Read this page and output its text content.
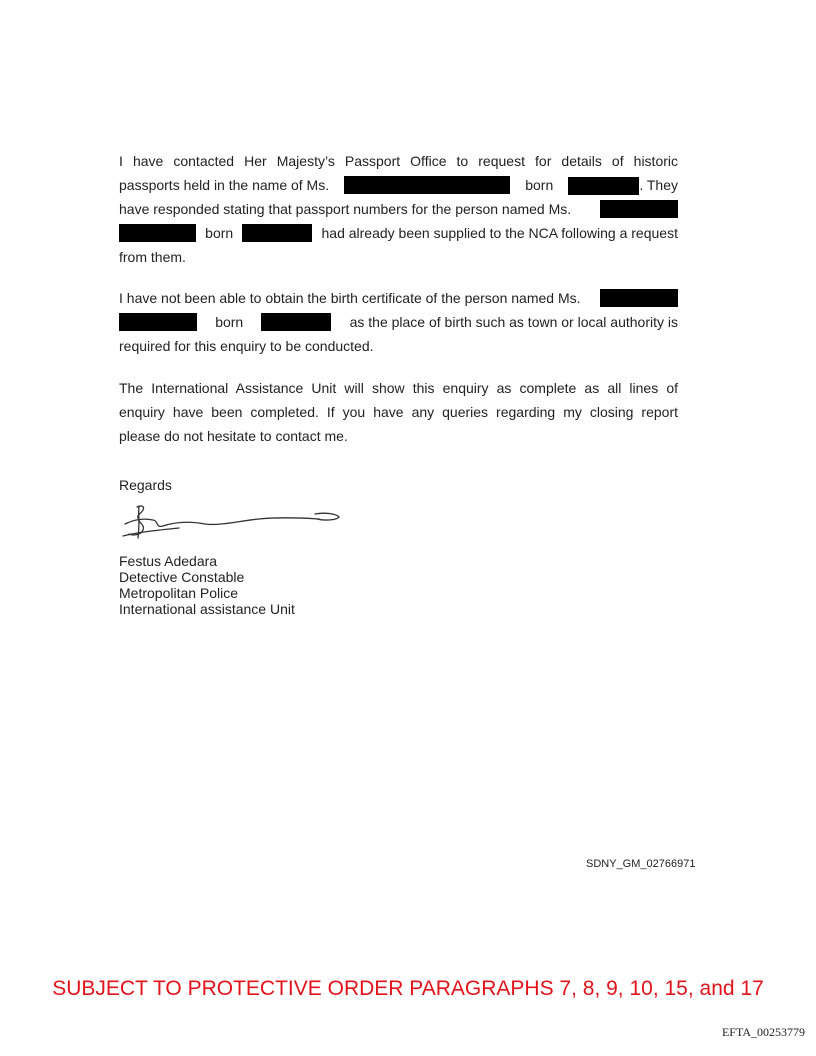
I have contacted Her Majesty’s Passport Office to request for details of historic
passports held in the name of Ms.	born	. They
have responded stating that passport numbers for the person named Ms.
born	had already been supplied to the NCA following a request
from them.
I have not been able to obtain the birth certificate of the person named Ms.
born	as the place of birth such as town or local authority is
required for this enquiry to be conducted.
The International Assistance Unit will show this enquiry as complete as all lines of
enquiry have been completed. If you have any queries regarding my closing report
please do not hesitate to contact me.
Regards
Festus Adedara
Detective Constable
Metropolitan Police
International assistance Unit
SDNY_GM_02766971
SUBJECT TO PROTECTIVE ORDER PARAGRAPHS 7, 8, 9, 10, 15, and 17
EFTA_00253779
